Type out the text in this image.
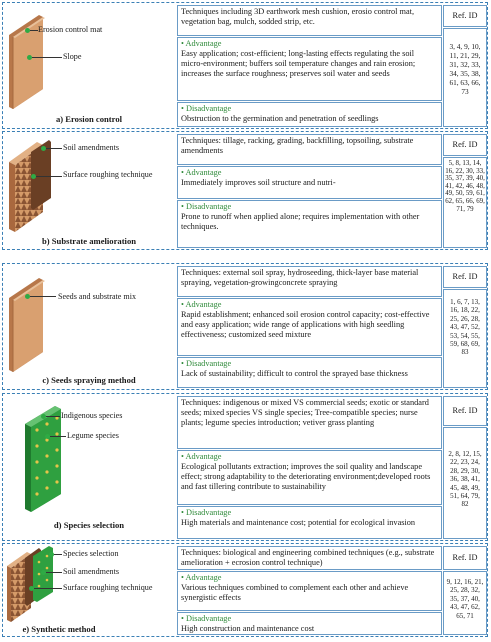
Erosion control mat
Slope
a) Erosion control
Techniques including 3D earthwork mesh cushion, erosio control mat, vegetation bag, mulch, sodded strip, etc.
• Advantage
Easy application; cost-efficient; long-lasting effects regulating the soil micro-environment; buffers soil temperature changes and rain erosion; increases the surface roughness; preserves soil water and seeds
• Disadvantage
Obstruction to the germination and penetration of seedlings
Ref. ID
3, 4, 9, 10, 11, 21, 29, 31, 32, 33, 34, 35, 38, 61, 63, 66, 73
Soil amendments
Surface roughing technique
b) Substrate amelioration
Techniques: tillage, racking, grading, backfilling, topsoiling, substrate amendments
• Advantage
Immediately improves soil structure and nutri-
• Disadvantage
Prone to runoff when applied alone; requires implementation with other techniques.
Ref. ID
5, 8, 13, 14, 16, 22, 30, 33, 35, 37, 39, 40, 41, 42, 46, 48, 49, 50, 59, 61, 62, 65, 66, 69, 71, 79
Seeds and substrate mix
c) Seeds spraying method
Techniques: external soil spray, hydroseeding, thick-layer base material spraying, vegetation-growingconcrete spraying
• Advantage
Rapid establishment; enhanced soil erosion control capacity; cost-effective and easy application; wide range of applications with high seedling effectiveness; customized seed mixture
• Disadvantage
Lack of sustainability; difficult to control the sprayed base thickness
Ref. ID
1, 6, 7, 13, 16, 18, 22, 25, 26, 28, 43, 47, 52, 53, 54, 55, 59, 68, 69, 83
Indigenous species
Legume species
d) Species selection
Techniques: indigenous or mixed VS commercial seeds; exotic or standard seeds; mixed species VS single species; Tree-compatible species; nurse plants; legume species introduction; vetiver grass planting
• Advantage
Ecological pollutants extraction; improves the soil quality and landscape effect; strong adaptability to the deteriorating environment;developed roots and fast tillering contribute to sustainability
• Disadvantage
High materials and maintenance cost; potential for ecological invasion
Ref. ID
2, 8, 12, 15, 22, 23, 24, 28, 29, 30, 36, 38, 41, 45, 48, 49, 51, 64, 79, 82
Species selection
Soil amendments
Surface roughing technique
e) Synthetic method
Techniques: biological and engineering combined techniques (e.g., substrate amelioration + ecrosion control technique)
• Advantage
Various techniques combined to complement each other and achieve synergistic effects
• Disadvantage
High construction and maintenance cost
Ref. ID
9, 12, 16, 21, 25, 28, 32, 35, 37, 40, 43, 47, 62, 65, 71
